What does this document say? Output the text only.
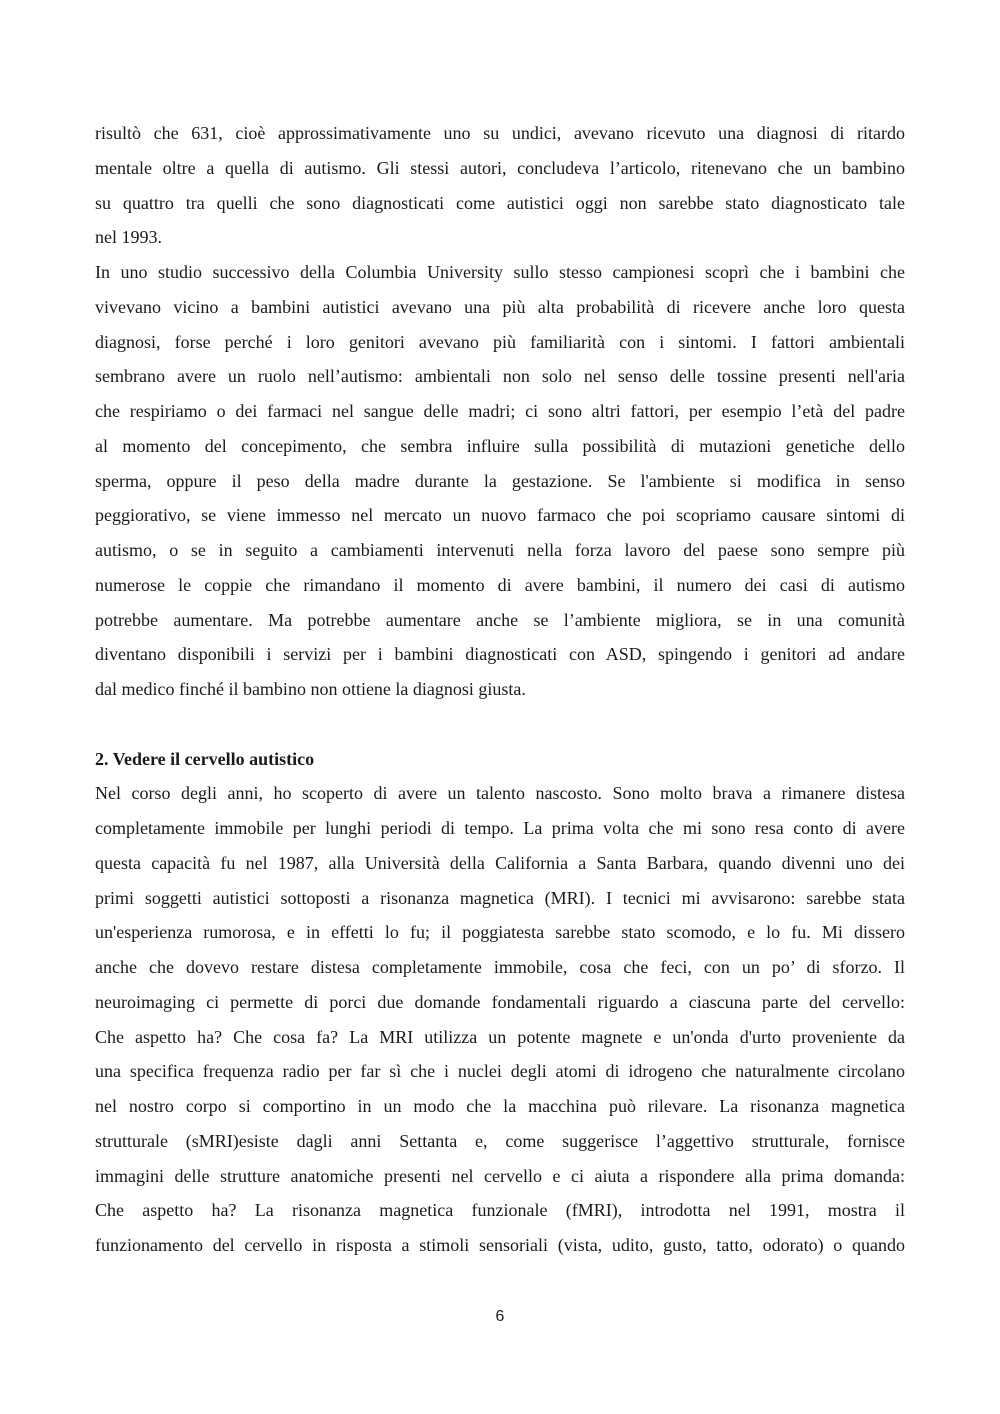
risultò che 631, cioè approssimativamente uno su undici, avevano ricevuto una diagnosi di ritardo
mentale oltre a quella di autismo. Gli stessi autori, concludeva l’articolo, ritenevano che un bambino
su quattro tra quelli che sono diagnosticati come autistici oggi non sarebbe stato diagnosticato tale
nel 1993.
In uno studio successivo della Columbia University sullo stesso campionesi scoprì che i bambini che
vivevano vicino a bambini autistici avevano una più alta probabilità di ricevere anche loro questa
diagnosi, forse perché i loro genitori avevano più familiarità con i sintomi. I fattori ambientali
sembrano avere un ruolo nell’autismo: ambientali non solo nel senso delle tossine presenti nell'aria
che respiriamo o dei farmaci nel sangue delle madri; ci sono altri fattori, per esempio l’età del padre
al momento del concepimento, che sembra influire sulla possibilità di mutazioni genetiche dello
sperma, oppure il peso della madre durante la gestazione. Se l'ambiente si modifica in senso
peggiorativo, se viene immesso nel mercato un nuovo farmaco che poi scopriamo causare sintomi di
autismo, o se in seguito a cambiamenti intervenuti nella forza lavoro del paese sono sempre più
numerose le coppie che rimandano il momento di avere bambini, il numero dei casi di autismo
potrebbe aumentare. Ma potrebbe aumentare anche se l’ambiente migliora, se in una comunità
diventano disponibili i servizi per i bambini diagnosticati con ASD, spingendo i genitori ad andare
dal medico finché il bambino non ottiene la diagnosi giusta.
2. Vedere il cervello autistico
Nel corso degli anni, ho scoperto di avere un talento nascosto. Sono molto brava a rimanere distesa
completamente immobile per lunghi periodi di tempo. La prima volta che mi sono resa conto di avere
questa capacità fu nel 1987, alla Università della California a Santa Barbara, quando divenni uno dei
primi soggetti autistici sottoposti a risonanza magnetica (MRI). I tecnici mi avvisarono: sarebbe stata
un'esperienza rumorosa, e in effetti lo fu; il poggiatesta sarebbe stato scomodo, e lo fu. Mi dissero
anche che dovevo restare distesa completamente immobile, cosa che feci, con un po’ di sforzo. Il
neuroimaging ci permette di porci due domande fondamentali riguardo a ciascuna parte del cervello:
Che aspetto ha? Che cosa fa? La MRI utilizza un potente magnete e un'onda d'urto proveniente da
una specifica frequenza radio per far sì che i nuclei degli atomi di idrogeno che naturalmente circolano
nel nostro corpo si comportino in un modo che la macchina può rilevare. La risonanza magnetica
strutturale (sMRI)esiste dagli anni Settanta e, come suggerisce l’aggettivo strutturale, fornisce
immagini delle strutture anatomiche presenti nel cervello e ci aiuta a rispondere alla prima domanda:
Che aspetto ha? La risonanza magnetica funzionale (fMRI), introdotta nel 1991, mostra il
funzionamento del cervello in risposta a stimoli sensoriali (vista, udito, gusto, tatto, odorato) o quando
6
